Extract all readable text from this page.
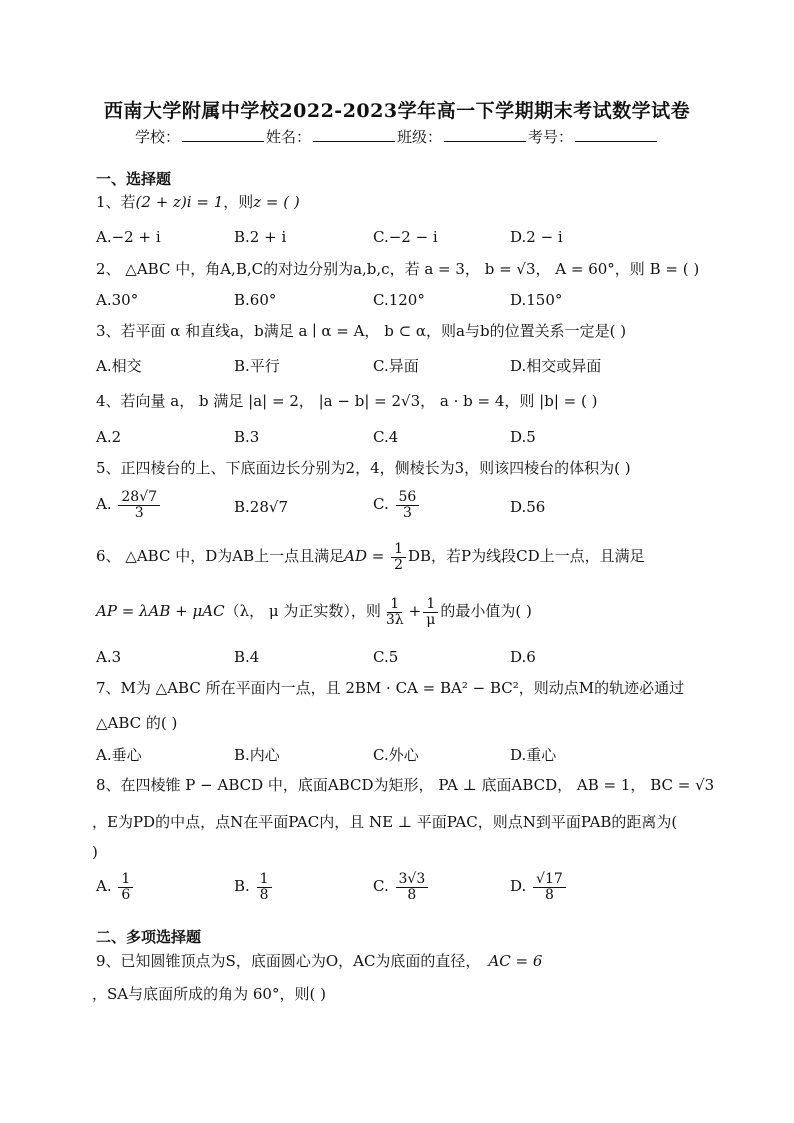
西南大学附属中学校2022-2023学年高一下学期期末考试数学试卷
学校：	姓名：	班级：	考号：
一、选择题
1、若(2 + z)i = 1，则z = ( )
A.−2 + i	B.2 + i	C.−2 − i	D.2 − i
2、 △ABC 中，角A,B,C的对边分别为a,b,c，若 a = 3， b = √3， A = 60°，则 B = ( )
A.30°	B.60°	C.120°	D.150°
3、若平面 α 和直线a，b满足 a ∣ α = A， b ⊂ α，则a与b的位置关系一定是( )
A.相交	B.平行	C.异面	D.相交或异面
4、若向量 a， b 满足 |a| = 2， |a − b| = 2√3， a · b = 4，则 |b| = ( )
A.2	B.3	C.4	D.5
5、正四棱台的上、下底面边长分别为2，4，侧棱长为3，则该四棱台的体积为( )
A. $\frac{28√7}{3}$	B.28√7	C. $\frac{56}{3}$	D.56
6、 △ABC 中，D为AB上一点且满足AD = $\frac{1}{2}$ DB，若P为线段CD上一点，且满足
AP = λAB + μAC（λ， μ 为正实数），则 $\frac{1}{3\lambda} + \frac{1}{\mu}$ 的最小值为( )
A.3	B.4	C.5	D.6
7、M为 △ABC 所在平面内一点，且 2BM · CA = BA² − BC²，则动点M的轨迹必通过
△ABC 的( )
A.垂心	B.内心	C.外心	D.重心
8、在四棱锥 P − ABCD 中，底面ABCD为矩形， PA ⊥ 底面ABCD， AB = 1， BC = √3
，E为PD的中点，点N在平面PAC内，且 NE ⊥ 平面PAC，则点N到平面PAB的距离为(
)
A. $\frac{1}{6}$	B. $\frac{1}{8}$	C. $\frac{3√3}{8}$	D. $\frac{√17}{8}$
二、多项选择题
9、已知圆锥顶点为S，底面圆心为O，AC为底面的直径， AC = 6
，SA与底面所成的角为 60°，则( )
